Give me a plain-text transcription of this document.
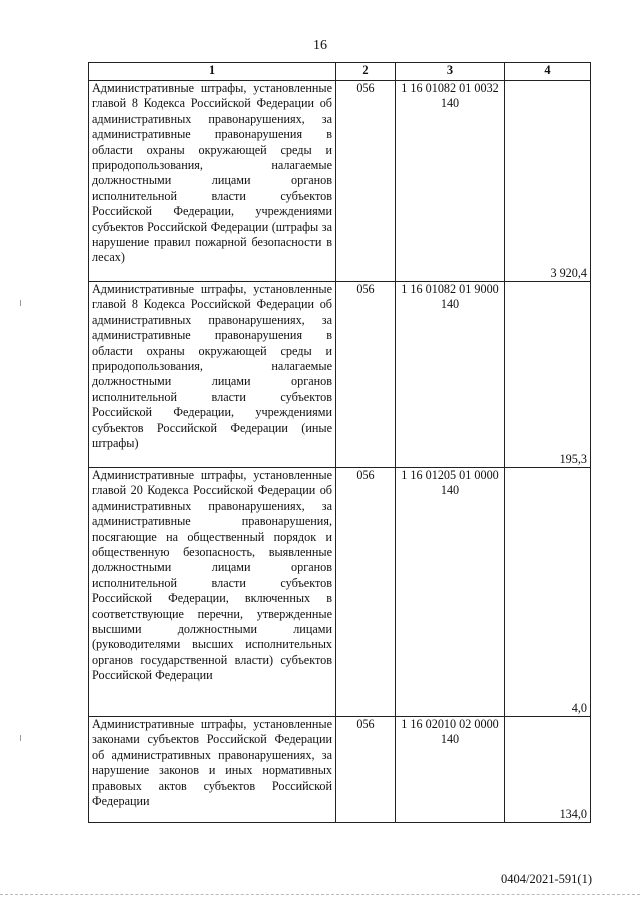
16
1	2	3	4
Административные штрафы, установленные главой 8 Кодекса Российской Федерации об административных правонарушениях, за административные правонарушения в области охраны окружающей среды и природопользования, налагаемые должностными лицами органов исполнительной власти субъектов Российской Федерации, учреждениями субъектов Российской Федерации (штрафы за нарушение правил пожарной безопасности в лесах)	056	1 16 01082 01 0032 140	3 920,4
Административные штрафы, установленные главой 8 Кодекса Российской Федерации об административных правонарушениях, за административные правонарушения в области охраны окружающей среды и природопользования, налагаемые должностными лицами органов исполнительной власти субъектов Российской Федерации, учреждениями субъектов Российской Федерации (иные штрафы)	056	1 16 01082 01 9000 140	195,3
Административные штрафы, установленные главой 20 Кодекса Российской Федерации об административных правонарушениях, за административные правонарушения, посягающие на общественный порядок и общественную безопасность, выявленные должностными лицами органов исполнительной власти субъектов Российской Федерации, включенных в соответствующие перечни, утвержденные высшими должностными лицами (руководителями высших исполнительных органов государственной власти) субъектов Российской Федерации	056	1 16 01205 01 0000 140	4,0
Административные штрафы, установленные законами субъектов Российской Федерации об административных правонарушениях, за нарушение законов и иных нормативных правовых актов субъектов Российской Федерации	056	1 16 02010 02 0000 140	134,0
0404/2021-591(1)
